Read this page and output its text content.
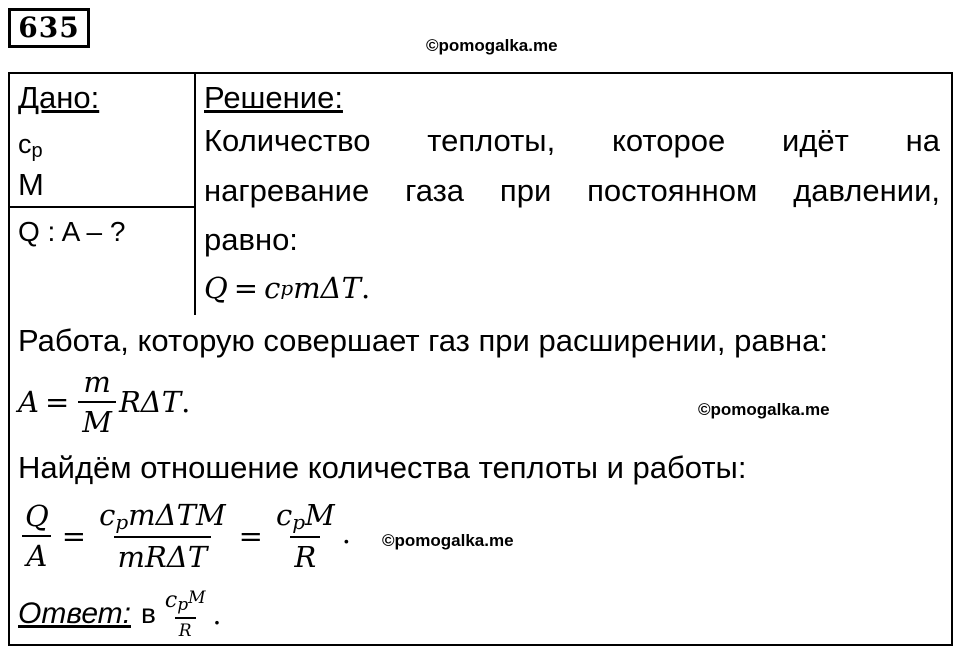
635
©pomogalka.me
Дано:
$c_p$
M
Q : A – ?
Решение:
Количество теплоты, которое идёт на
нагревание газа при постоянном давлении,
равно:
Q = c p mΔT .
Работа, которую совершает газ при расширении, равна:
$A = \frac{m}{M}$ RΔT .	©pomogalka.me
Найдём отношение количества теплоты и работы:
$\frac{Q}{A} = \frac{c_pm\Delta TM}{\text{mRΔT}} = \frac{c_pM}{R}$ . ©pomogalka.me
Ответ: в $\frac{\text{cpM}}{R}$ .
